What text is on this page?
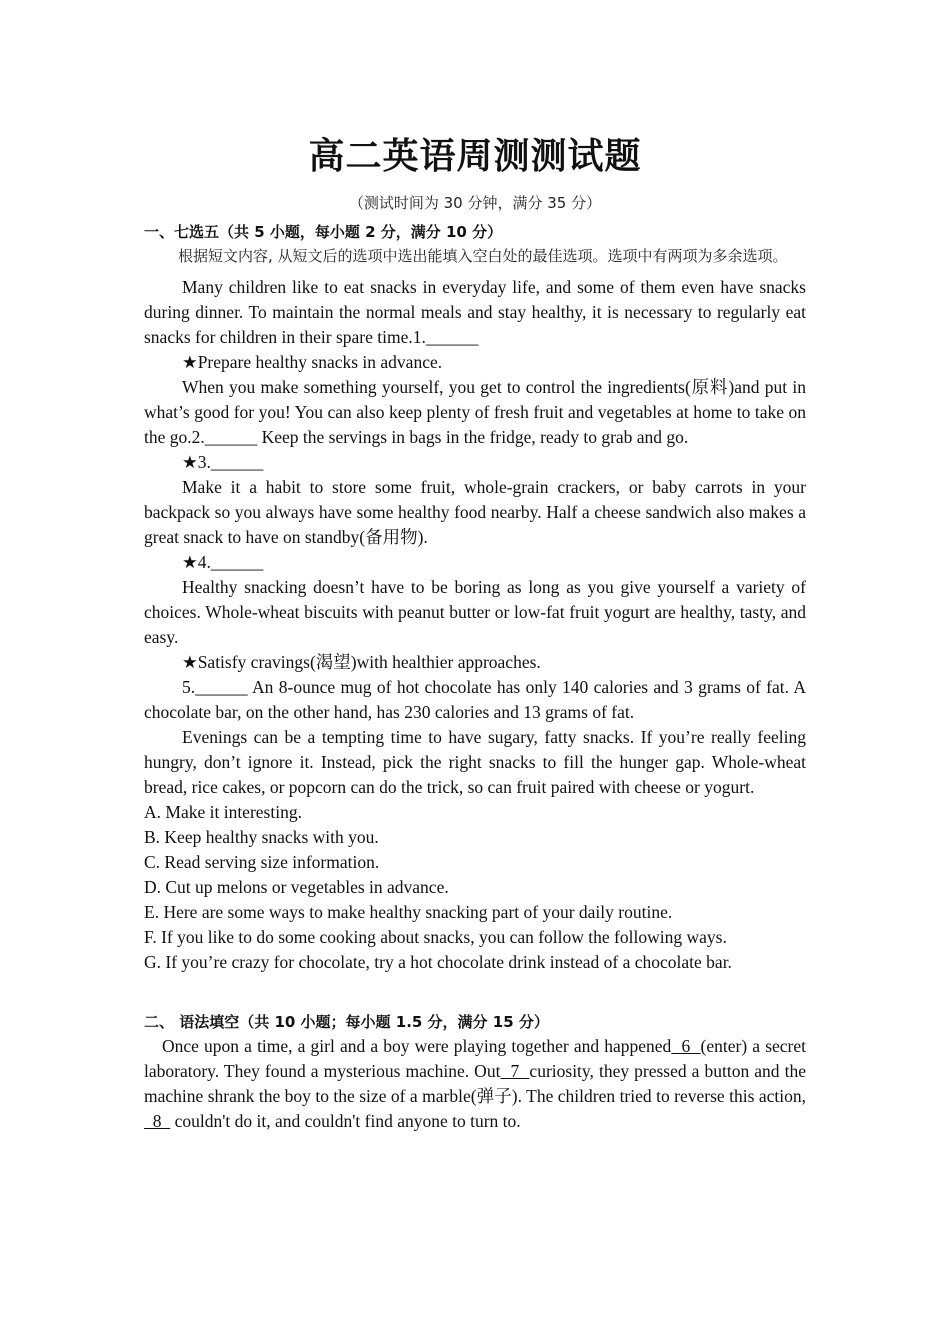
高二英语周测测试题
（测试时间为 30 分钟，满分 35 分）
一、七选五（共 5 小题，每小题 2 分，满分 10 分）
根据短文内容, 从短文后的选项中选出能填入空白处的最佳选项。选项中有两项为多余选项。
Many children like to eat snacks in everyday life, and some of them even have snacks during dinner. To maintain the normal meals and stay healthy, it is necessary to regularly eat snacks for children in their spare time.1.______
★Prepare healthy snacks in advance.
When you make something yourself, you get to control the ingredients(原料)and put in what’s good for you! You can also keep plenty of fresh fruit and vegetables at home to take on the go.2.______ Keep the servings in bags in the fridge, ready to grab and go.
★3.______
Make it a habit to store some fruit, whole-grain crackers, or baby carrots in your backpack so you always have some healthy food nearby. Half a cheese sandwich also makes a great snack to have on standby(备用物).
★4.______
Healthy snacking doesn’t have to be boring as long as you give yourself a variety of choices. Whole-wheat biscuits with peanut butter or low-fat fruit yogurt are healthy, tasty, and easy.
★Satisfy cravings(渴望)with healthier approaches.
5.______ An 8-ounce mug of hot chocolate has only 140 calories and 3 grams of fat. A chocolate bar, on the other hand, has 230 calories and 13 grams of fat.
Evenings can be a tempting time to have sugary, fatty snacks. If you’re really feeling hungry, don’t ignore it. Instead, pick the right snacks to fill the hunger gap. Whole-wheat bread, rice cakes, or popcorn can do the trick, so can fruit paired with cheese or yogurt.
A. Make it interesting.
B. Keep healthy snacks with you.
C. Read serving size information.
D. Cut up melons or vegetables in advance.
E. Here are some ways to make healthy snacking part of your daily routine.
F. If you like to do some cooking about snacks, you can follow the following ways.
G. If you’re crazy for chocolate, try a hot chocolate drink instead of a chocolate bar.
二、 语法填空（共 10 小题；每小题 1.5 分，满分 15 分）
Once upon a time, a girl and a boy were playing together and happened  6  (enter) a secret laboratory. They found a mysterious machine. Out  7  curiosity, they pressed a button and the machine shrank the boy to the size of a marble(弹子). The children tried to reverse this action,   8   couldn't do it, and couldn't find anyone to turn to.
